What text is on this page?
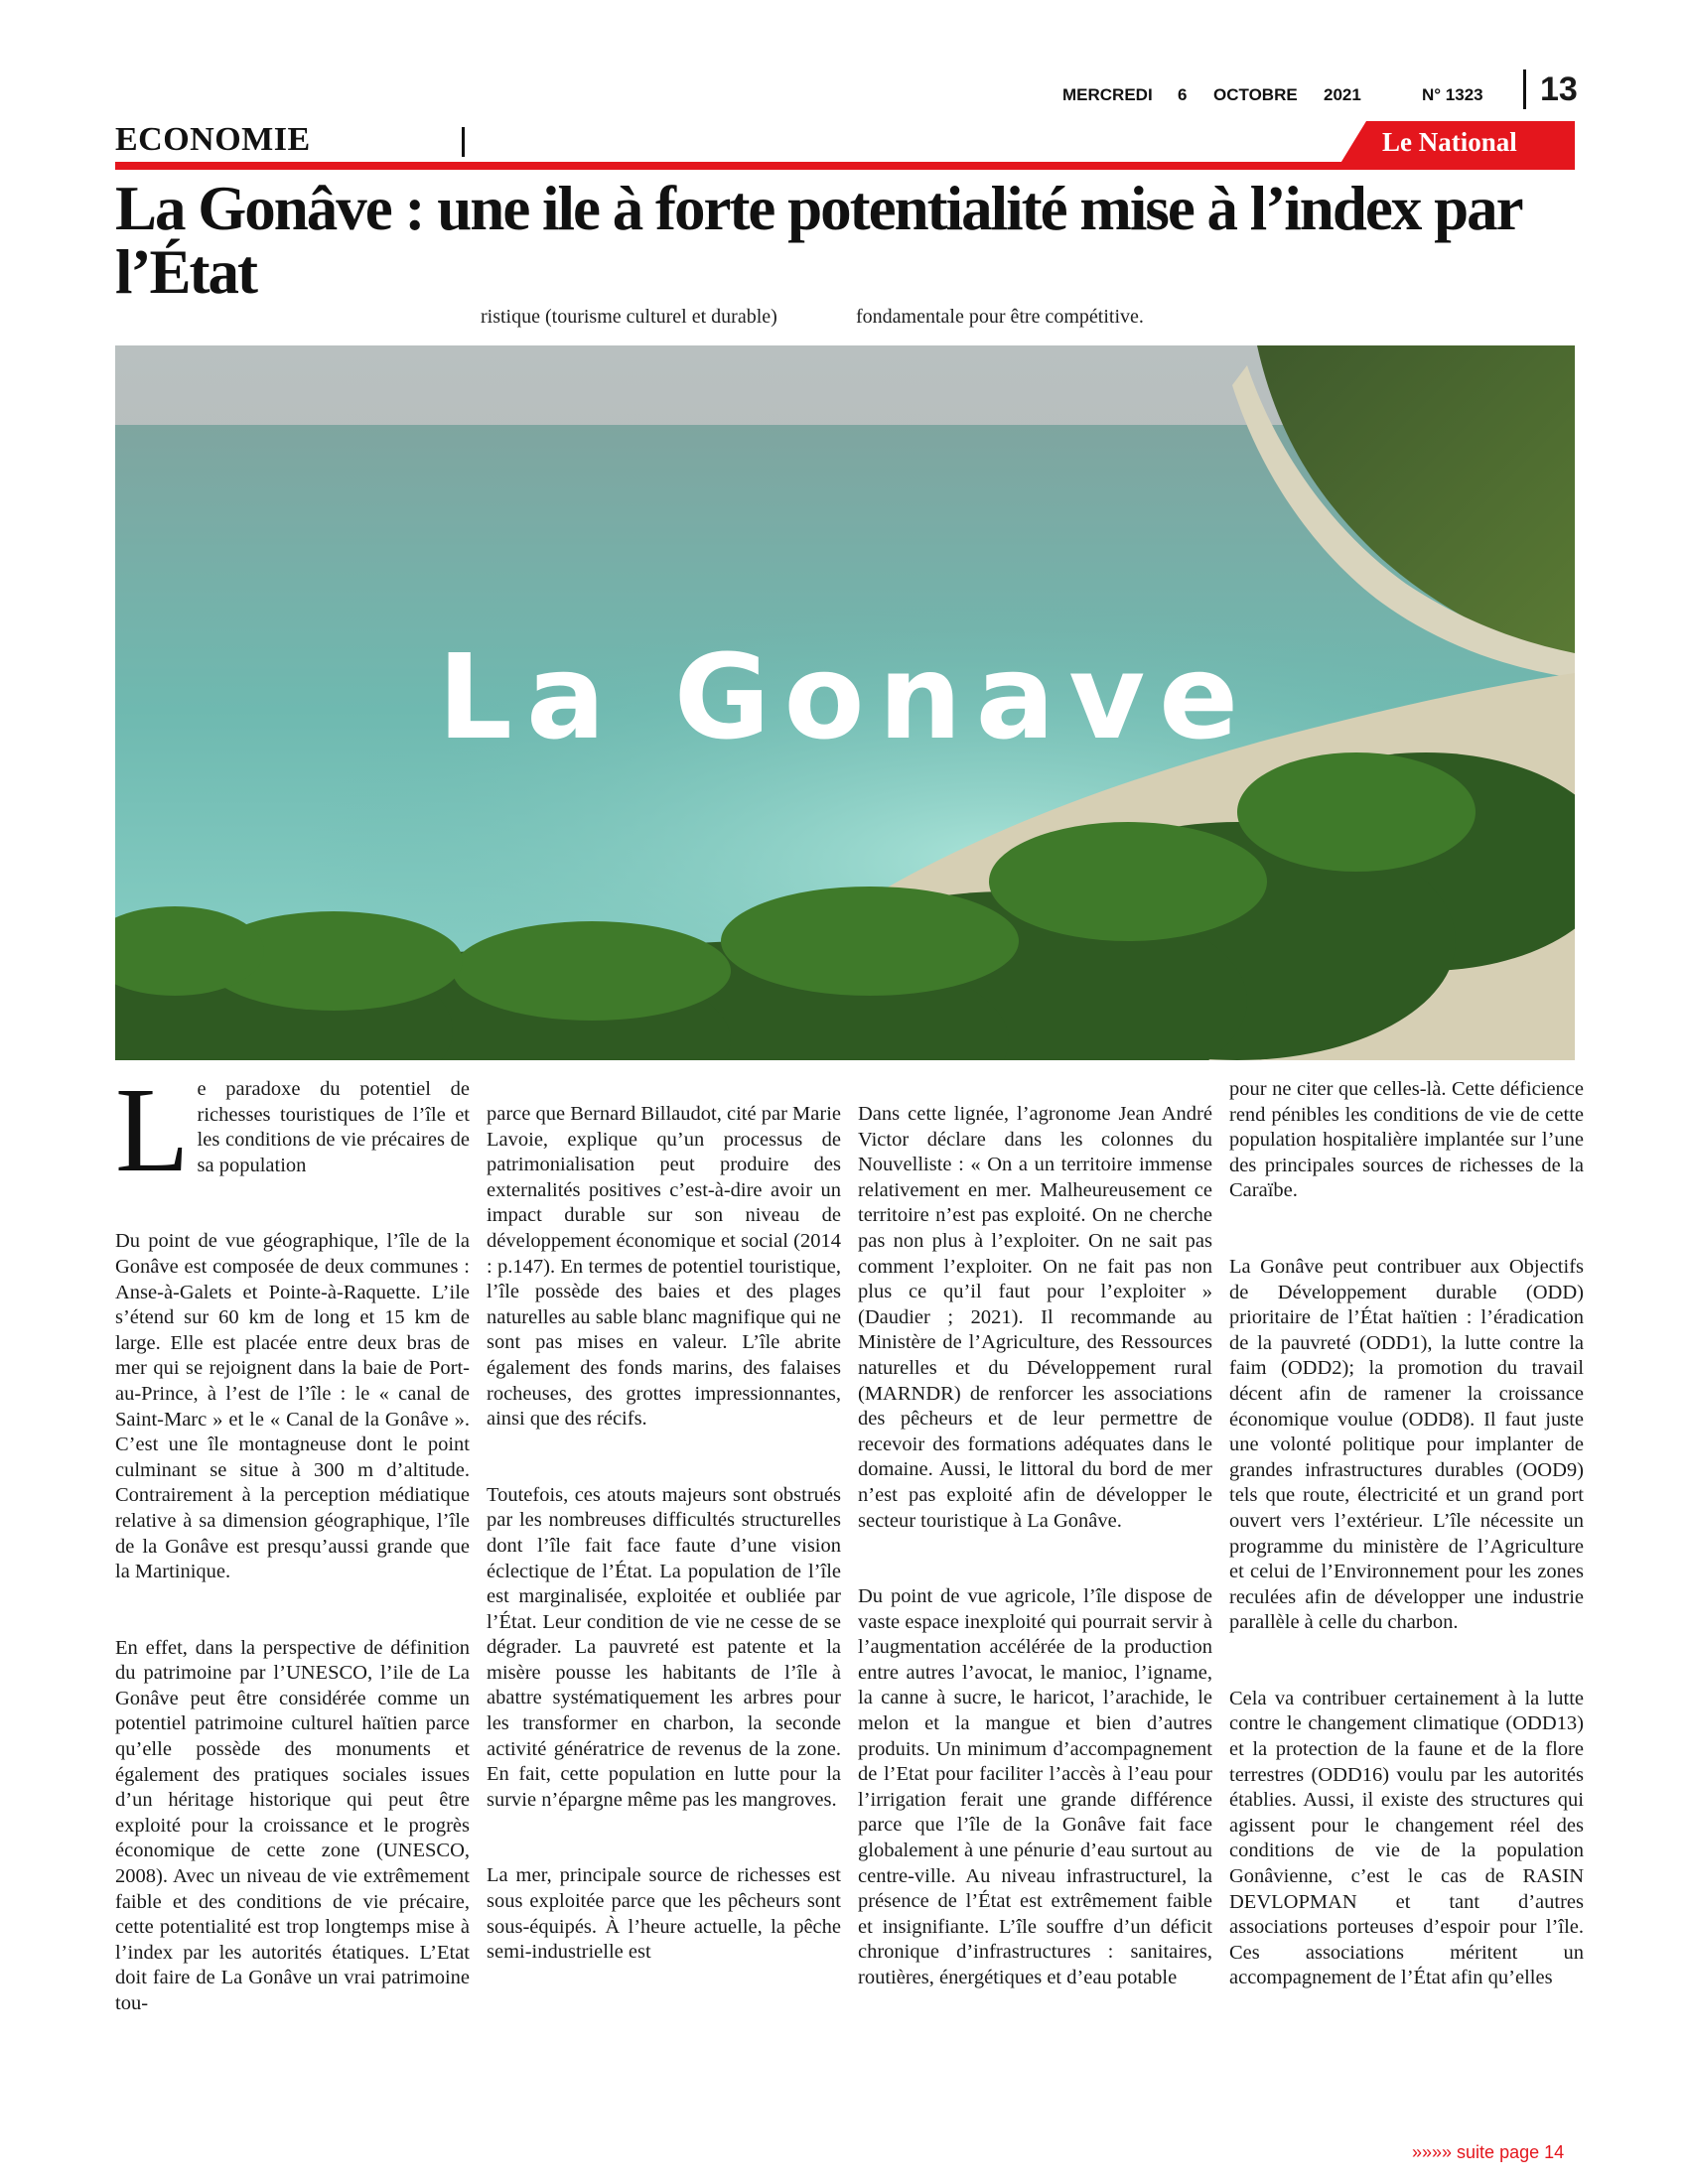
MERCREDI 6 OCTOBRE 2021	N° 1323	13
ECONOMIE	Le National
La Gonâve : une ile à forte potentialité mise à l’index par l’État
ristique (tourisme culturel et durable)	fondamentale pour être compétitive.
La Gonave

L e paradoxe du potentiel de richesses touristiques de l’île et les conditions de vie précaires de sa population

Du point de vue géographique, l’île de la Gonâve est composée de deux communes : Anse-à-Galets et Pointe-à-Raquette. L’ile s’étend sur 60 km de long et 15 km de large. Elle est placée entre deux bras de mer qui se rejoignent dans la baie de Port-au-Prince, à l’est de l’île : le « canal de Saint-Marc » et le « Canal de la Gonâve ». C’est une île montagneuse dont le point culminant se situe à 300 m d’altitude. Contrairement à la perception médiatique relative à sa dimension géographique, l’île de la Gonâve est presqu’aussi grande que la Martinique.

En effet, dans la perspective de définition du patrimoine par l’UNESCO, l’ile de La Gonâve peut être considérée comme un potentiel patrimoine culturel haïtien parce qu’elle possède des monuments et également des pratiques sociales issues d’un héritage historique qui peut être exploité pour la croissance et le progrès économique de cette zone (UNESCO, 2008). Avec un niveau de vie extrêmement faible et des conditions de vie précaire, cette potentialité est trop longtemps mise à l’index par les autorités étatiques. L’Etat doit faire de La Gonâve un vrai patrimoine tou-

parce que Bernard Billaudot, cité par Marie Lavoie, explique qu’un processus de patrimonialisation peut produire des externalités positives c’est-à-dire avoir un impact durable sur son niveau de développement économique et social (2014 : p.147). En termes de potentiel touristique, l’île possède des baies et des plages naturelles au sable blanc magnifique qui ne sont pas mises en valeur. L’île abrite également des fonds marins, des falaises rocheuses, des grottes impressionnantes, ainsi que des récifs.

Toutefois, ces atouts majeurs sont obstrués par les nombreuses difficultés structurelles dont l’île fait face faute d’une vision éclectique de l’État. La population de l’île est marginalisée, exploitée et oubliée par l’État. Leur condition de vie ne cesse de se dégrader. La pauvreté est patente et la misère pousse les habitants de l’île à abattre systématiquement les arbres pour les transformer en charbon, la seconde activité génératrice de revenus de la zone. En fait, cette population en lutte pour la survie n’épargne même pas les mangroves.

La mer, principale source de richesses est sous exploitée parce que les pêcheurs sont sous-équipés. À l’heure actuelle, la pêche semi-industrielle est

Dans cette lignée, l’agronome Jean André Victor déclare dans les colonnes du Nouvelliste : « On a un territoire immense relativement en mer. Malheureusement ce territoire n’est pas exploité. On ne cherche pas non plus à l’exploiter. On ne sait pas comment l’exploiter. On ne fait pas non plus ce qu’il faut pour l’exploiter » (Daudier ; 2021). Il recommande au Ministère de l’Agriculture, des Ressources naturelles et du Développement rural (MARNDR) de renforcer les associations des pêcheurs et de leur permettre de recevoir des formations adéquates dans le domaine. Aussi, le littoral du bord de mer n’est pas exploité afin de développer le secteur touristique à La Gonâve.

Du point de vue agricole, l’île dispose de vaste espace inexploité qui pourrait servir à l’augmentation accélérée de la production entre autres l’avocat, le manioc, l’igname, la canne à sucre, le haricot, l’arachide, le melon et la mangue et bien d’autres produits. Un minimum d’accompagnement de l’Etat pour faciliter l’accès à l’eau pour l’irrigation ferait une grande différence parce que l’île de la Gonâve fait face globalement à une pénurie d’eau surtout au centre-ville. Au niveau infrastructurel, la présence de l’État est extrêmement faible et insignifiante. L’île souffre d’un déficit chronique d’infrastructures : sanitaires, routières, énergétiques et d’eau potable

pour ne citer que celles-là. Cette déficience rend pénibles les conditions de vie de cette population hospitalière implantée sur l’une des principales sources de richesses de la Caraïbe.

La Gonâve peut contribuer aux Objectifs de Développement durable (ODD) prioritaire de l’État haïtien : l’éradication de la pauvreté (ODD1), la lutte contre la faim (ODD2); la promotion du travail décent afin de ramener la croissance économique voulue (ODD8). Il faut juste une volonté politique pour implanter de grandes infrastructures durables (OOD9) tels que route, électricité et un grand port ouvert vers l’extérieur. L’île nécessite un programme du ministère de l’Agriculture et celui de l’Environnement pour les zones reculées afin de développer une industrie parallèle à celle du charbon.

Cela va contribuer certainement à la lutte contre le changement climatique (ODD13) et la protection de la faune et de la flore terrestres (ODD16) voulu par les autorités établies. Aussi, il existe des structures qui agissent pour le changement réel des conditions de vie de la population Gonâvienne, c’est le cas de RASIN DEVLOPMAN et tant d’autres associations porteuses d’espoir pour l’île. Ces associations méritent un accompagnement de l’État afin qu’elles

»»»» suite page 14
